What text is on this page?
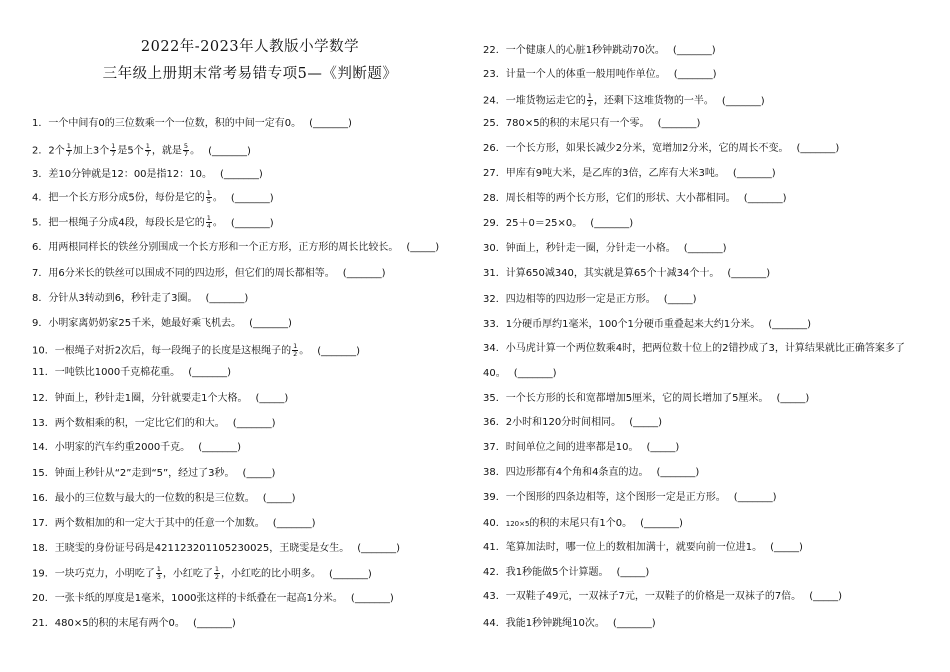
2022年-2023年人教版小学数学
三年级上册期末常考易错专项5—《判断题》
1．一个中间有0的三位数乘一个一位数，积的中间一定有0。 (_______)
2．2个 $\frac{1}{7}$ 加上3个 $\frac{1}{7}$ 是5个 $\frac{1}{7}$ ，就是 $\frac{5}{7}$ 。 (_______)
3．差10分钟就是12：00是指12：10。 (_______)
4．把一个长方形分成5份，每份是它的 $\frac{1}{5}$ 。 (_______)
5．把一根绳子分成4段，每段长是它的 $\frac{1}{4}$ 。 (_______)
6．用两根同样长的铁丝分别围成一个长方形和一个正方形，正方形的周长比较长。 (_____)
7．用6分米长的铁丝可以围成不同的四边形，但它们的周长都相等。 (_______)
8．分针从3转动到6，秒针走了3圈。 (_______)
9．小明家离奶奶家25千米，她最好乘飞机去。 (_______)
10．一根绳子对折2次后，每一段绳子的长度是这根绳子的 $\frac{1}{2}$ 。 (_______)
11．一吨铁比1000千克棉花重。 (_______)
12．钟面上，秒针走1圈，分针就要走1个大格。 (_____)
13．两个数相乘的积，一定比它们的和大。 (_______)
14．小明家的汽车约重2000千克。 (_______)
15．钟面上秒针从“2”走到“5”，经过了3秒。 (_____)
16．最小的三位数与最大的一位数的积是三位数。 (_____)
17．两个数相加的和一定大于其中的任意一个加数。 (_______)
18．王晓雯的身份证号码是421123201105230025，王晓雯是女生。 (_______)
19．一块巧克力，小明吃了 $\frac{1}{3}$ ，小红吃了 $\frac{1}{2}$ ，小红吃的比小明多。 (_______)
20．一张卡纸的厚度是1毫米，1000张这样的卡纸叠在一起高1分米。 (_______)
21．480×5的积的末尾有两个0。 (_______)
22．一个健康人的心脏1秒钟跳动70次。 (_______)
23．计量一个人的体重一般用吨作单位。 (_______)
24．一堆货物运走它的 $\frac{1}{2}$ ，还剩下这堆货物的一半。 (_______)
25．780×5的积的末尾只有一个零。 (_______)
26．一个长方形，如果长减少2分米，宽增加2分米，它的周长不变。 (_______)
27．甲库有9吨大米，是乙库的3倍，乙库有大米3吨。 (_______)
28．周长相等的两个长方形，它们的形状、大小都相同。 (_______)
29．25＋0＝25×0。 (_______)
30．钟面上，秒针走一圈，分针走一小格。 (_______)
31．计算650减340，其实就是算65个十减34个十。 (_______)
32．四边相等的四边形一定是正方形。 (_____)
33．1分硬币厚约1毫米，100个1分硬币重叠起来大约1分米。 (_______)
34．小马虎计算一个两位数乘4时，把两位数十位上的2错抄成了3，计算结果就比正确答案多了
40。 (_______)
35．一个长方形的长和宽都增加5厘米，它的周长增加了5厘米。 (_____)
36．2小时和120分时间相同。 (_____)
37．时间单位之间的进率都是10。 (_____)
38．四边形都有4个角和4条直的边。 (_______)
39．一个图形的四条边相等，这个图形一定是正方形。 (_______)
40．120×5的积的末尾只有1个0。 (_______)
41．笔算加法时，哪一位上的数相加满十，就要向前一位进1。 (_____)
42．我1秒能做5个计算题。 (_____)
43．一双鞋子49元，一双袜子7元，一双鞋子的价格是一双袜子的7倍。 (_____)
44．我能1秒钟跳绳10次。 (_______)
